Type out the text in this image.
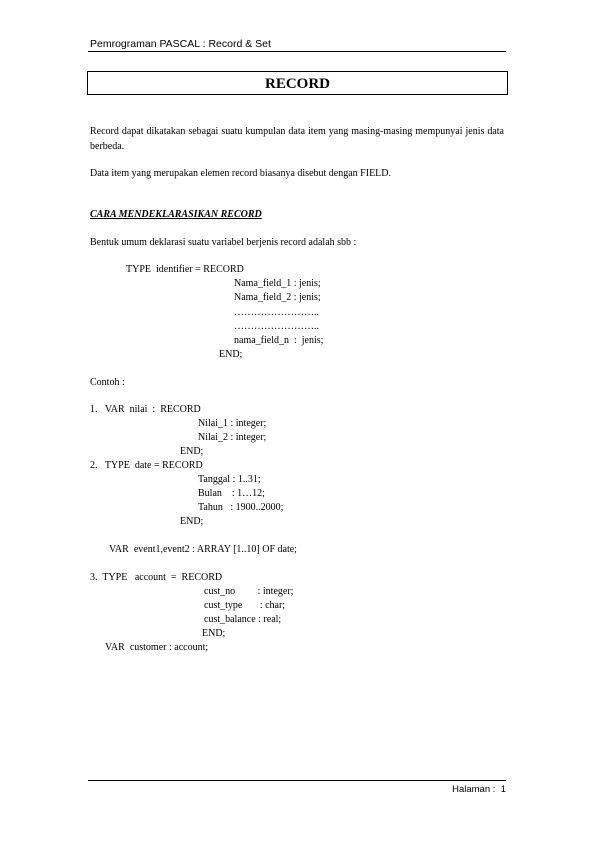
Pemrograman PASCAL : Record & Set
RECORD
Record dapat dikatakan sebagai suatu kumpulan data item yang masing-masing mempunyai jenis data berbeda.
Data item yang merupakan elemen record biasanya disebut dengan FIELD.
CARA MENDEKLARASIKAN RECORD
Bentuk umum deklarasi suatu variabel berjenis record adalah sbb :
TYPE  identifier = RECORD
Nama_field_1 : jenis;
Nama_field_2 : jenis;
……………………..
……………………..
nama_field_n  :  jenis;
END;
Contoh :
1.   VAR  nilai  :  RECORD
Nilai_1 : integer;
Nilai_2 : integer;
END;
2.   TYPE  date = RECORD
Tanggal : 1..31;
Bulan    : 1…12;
Tahun   : 1900..2000;
END;
VAR  event1,event2 : ARRAY [1..10] OF date;
3.  TYPE   account  =  RECORD
cust_no         : integer;
cust_type       : char;
cust_balance : real;
END;
VAR  customer : account;
Halaman : 1
